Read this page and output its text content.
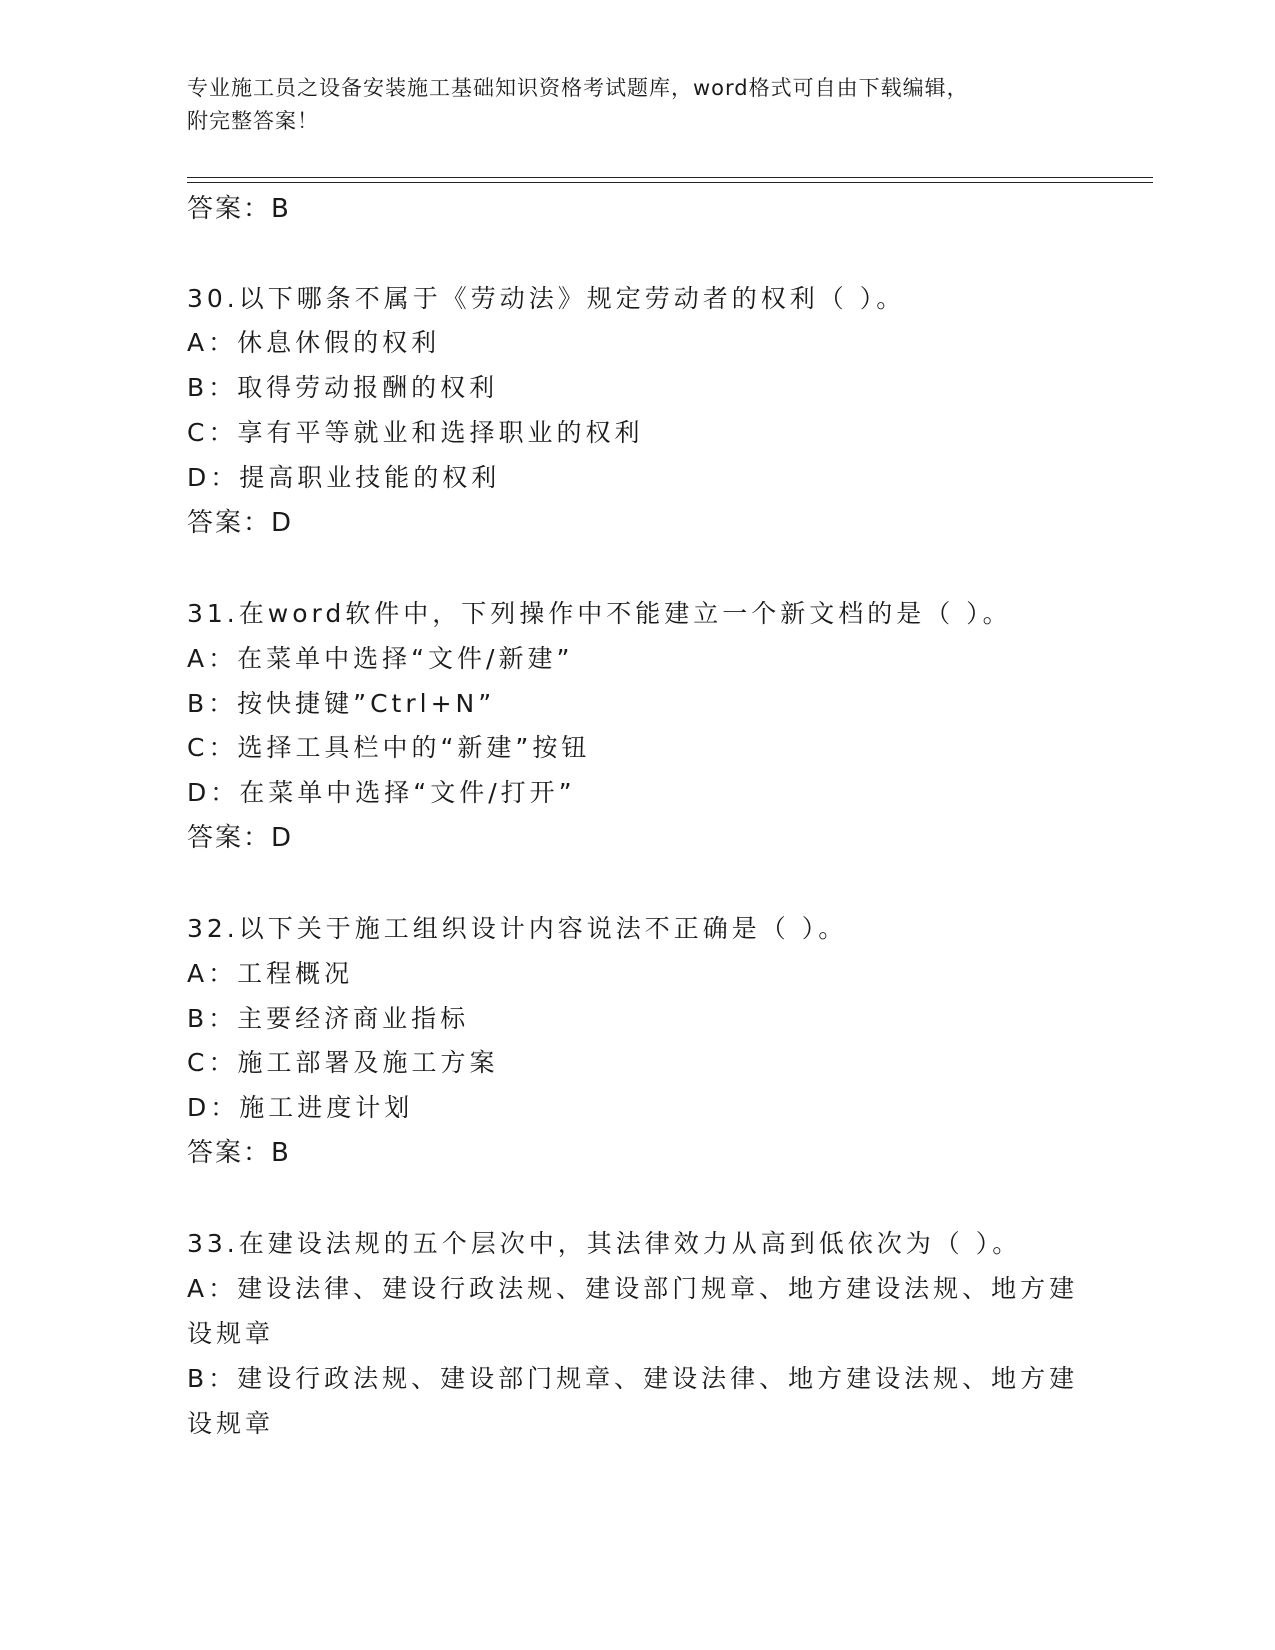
专业施工员之设备安装施工基础知识资格考试题库，word格式可自由下载编辑，
附完整答案！
答案：B
30.以下哪条不属于《劳动法》规定劳动者的权利（ ）。
A：休息休假的权利
B：取得劳动报酬的权利
C：享有平等就业和选择职业的权利
D：提高职业技能的权利
答案：D
31.在word软件中，下列操作中不能建立一个新文档的是（ ）。
A：在菜单中选择“文件/新建”
B：按快捷键”Ctrl+N”
C：选择工具栏中的“新建”按钮
D：在菜单中选择“文件/打开”
答案：D
32.以下关于施工组织设计内容说法不正确是（ ）。
A：工程概况
B：主要经济商业指标
C：施工部署及施工方案
D：施工进度计划
答案：B
33.在建设法规的五个层次中，其法律效力从高到低依次为（ ）。
A：建设法律、建设行政法规、建设部门规章、地方建设法规、地方建
设规章
B：建设行政法规、建设部门规章、建设法律、地方建设法规、地方建
设规章
